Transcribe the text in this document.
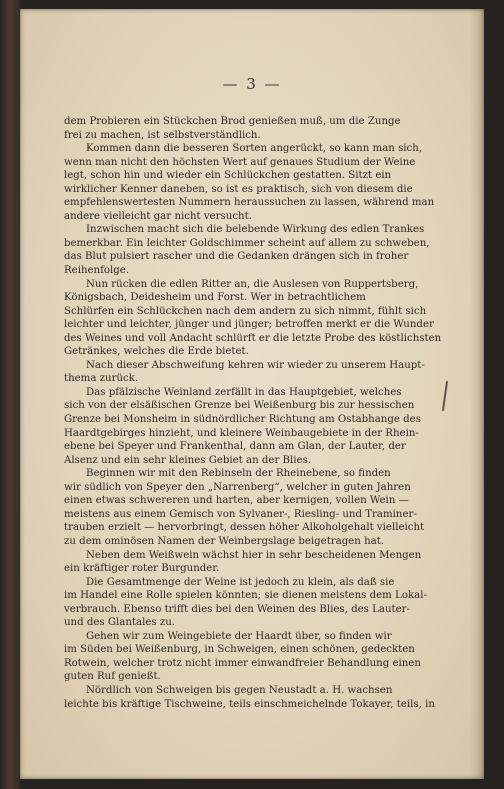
— 3 —
dem Probieren ein Stückchen Brod genießen muß, um die Zunge
frei zu machen, ist selbstverständlich.
Kommen dann die besseren Sorten angerückt, so kann man sich,
wenn man nicht den höchsten Wert auf genaues Studium der Weine
legt, schon hin und wieder ein Schlückchen gestatten. Sitzt ein
wirklicher Kenner daneben, so ist es praktisch, sich von diesem die
empfehlenswertesten Nummern heraussuchen zu lassen, während man
andere vielleicht gar nicht versucht.
Inzwischen macht sich die belebende Wirkung des edlen Trankes
bemerkbar. Ein leichter Goldschimmer scheint auf allem zu schweben,
das Blut pulsiert rascher und die Gedanken drängen sich in froher
Reihenfolge.
Nun rücken die edlen Ritter an, die Auslesen von Ruppertsberg,
Königsbach, Deidesheim und Forst. Wer in betrachtlichem
Schlürfen ein Schlückchen nach dem andern zu sich nimmt, fühlt sich
leichter und leichter, jünger und jünger; betroffen merkt er die Wunder
des Weines und voll Andacht schlürft er die letzte Probe des köstlichsten
Getränkes, welches die Erde bietet.
Nach dieser Abschweifung kehren wir wieder zu unserem Haupt-
thema zurück.
Das pfälzische Weinland zerfällt in das Hauptgebiet, welches
sich von der elsäßischen Grenze bei Weißenburg bis zur hessischen
Grenze bei Monsheim in südnördlicher Richtung am Ostabhange des
Haardtgebirges hinzieht, und kleinere Weinbaugebiete in der Rhein-
ebene bei Speyer und Frankenthal, dann am Glan, der Lauter, der
Alsenz und ein sehr kleines Gebiet an der Blies.
Beginnen wir mit den Rebinseln der Rheinebene, so finden
wir südlich von Speyer den „Narrenberg“, welcher in guten Jahren
einen etwas schwereren und harten, aber kernigen, vollen Wein —
meistens aus einem Gemisch von Sylvaner-, Riesling- und Traminer-
trauben erzielt — hervorbringt, dessen höher Alkoholgehalt vielleicht
zu dem ominösen Namen der Weinbergslage beigetragen hat.
Neben dem Weißwein wächst hier in sehr bescheidenen Mengen
ein kräftiger roter Burgunder.
Die Gesamtmenge der Weine ist jedoch zu klein, als daß sie
im Handel eine Rolle spielen könnten; sie dienen meistens dem Lokal-
verbrauch. Ebenso trifft dies bei den Weinen des Blies, des Lauter-
und des Glantales zu.
Gehen wir zum Weingebiete der Haardt über, so finden wir
im Süden bei Weißenburg, in Schweigen, einen schönen, gedeckten
Rotwein, welcher trotz nicht immer einwandfreier Behandlung einen
guten Ruf genießt.
Nördlich von Schweigen bis gegen Neustadt a. H. wachsen
leichte bis kräftige Tischweine, teils einschmeichelnde Tokayer, teils, in
